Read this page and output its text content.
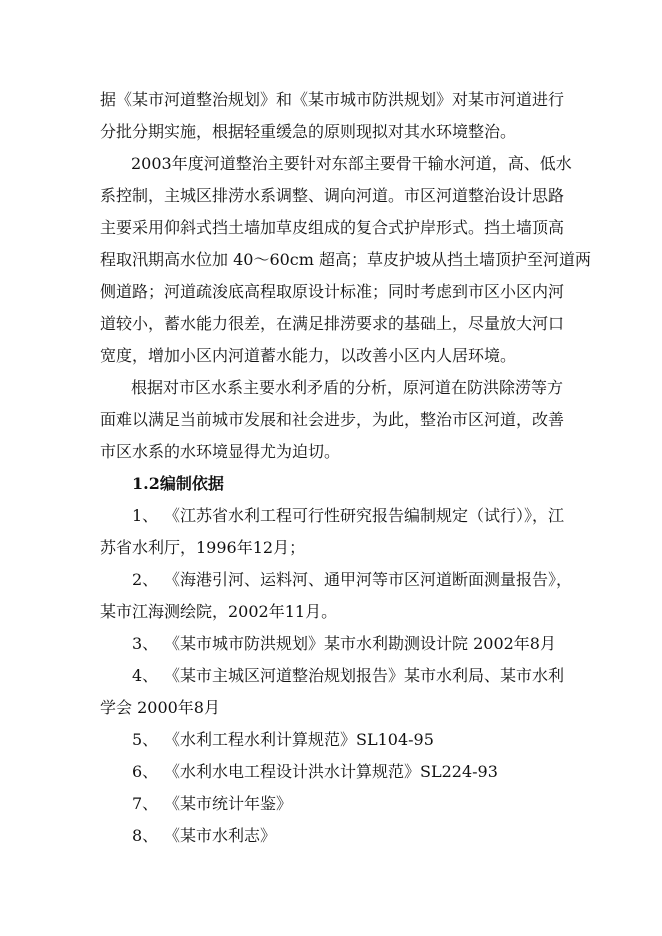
据《某市河道整治规划》和《某市城市防洪规划》对某市河道进行
分批分期实施，根据轻重缓急的原则现拟对其水环境整治。
2003年度河道整治主要针对东部主要骨干输水河道，高、低水
系控制，主城区排涝水系调整、调向河道。市区河道整治设计思路
主要采用仰斜式挡土墙加草皮组成的复合式护岸形式。挡土墙顶高
程取汛期高水位加 40～60cm 超高；草皮护坡从挡土墙顶护至河道两
侧道路；河道疏浚底高程取原设计标准；同时考虑到市区小区内河
道较小，蓄水能力很差，在满足排涝要求的基础上，尽量放大河口
宽度，增加小区内河道蓄水能力，以改善小区内人居环境。
根据对市区水系主要水利矛盾的分析，原河道在防洪除涝等方
面难以满足当前城市发展和社会进步，为此，整治市区河道，改善
市区水系的水环境显得尤为迫切。
1.2编制依据
1、 《江苏省水利工程可行性研究报告编制规定（试行）》，江
苏省水利厅，1996年12月；
2、 《海港引河、运料河、通甲河等市区河道断面测量报告》，
某市江海测绘院，2002年11月。
3、 《某市城市防洪规划》某市水利勘测设计院 2002年8月
4、 《某市主城区河道整治规划报告》某市水利局、某市水利
学会 2000年8月
5、 《水利工程水利计算规范》SL104-95
6、 《水利水电工程设计洪水计算规范》SL224-93
7、 《某市统计年鉴》
8、 《某市水利志》
